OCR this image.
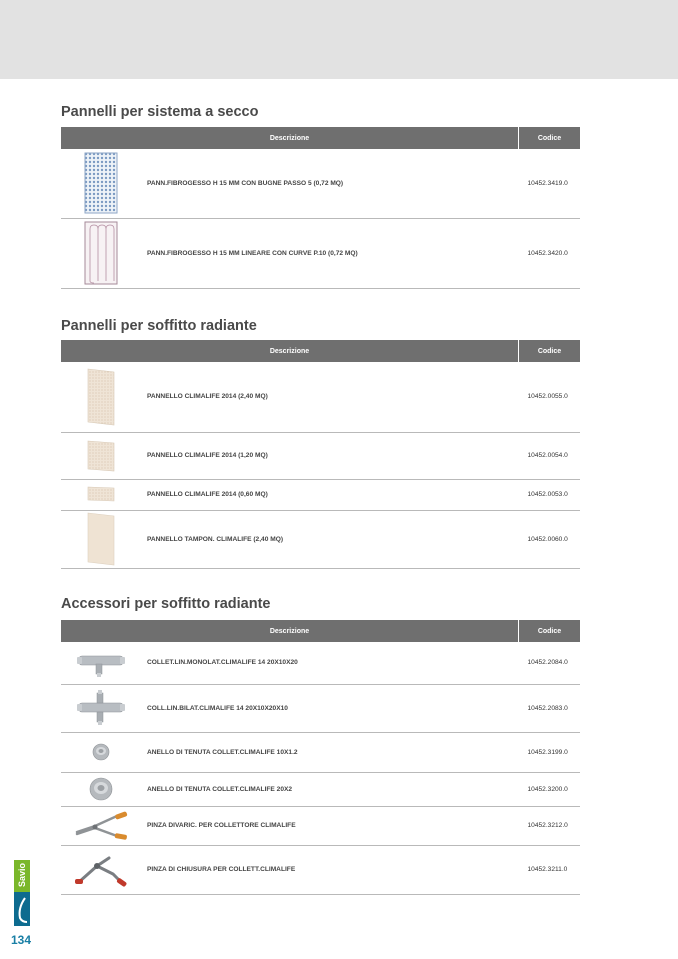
Pannelli per sistema a secco
Descrizione		Codice
	PANN.FIBROGESSO H 15 MM CON BUGNE PASSO 5 (0,72 MQ)	10452.3419.0
	PANN.FIBROGESSO H 15 MM LINEARE CON CURVE P.10 (0,72 MQ)	10452.3420.0
Pannelli per soffitto radiante
Descrizione		Codice
	PANNELLO CLIMALIFE 2014 (2,40 MQ)	10452.0055.0
	PANNELLO CLIMALIFE 2014 (1,20 MQ)	10452.0054.0
	PANNELLO CLIMALIFE 2014 (0,60 MQ)	10452.0053.0
	PANNELLO TAMPON. CLIMALIFE (2,40 MQ)	10452.0060.0
Accessori per soffitto radiante
Descrizione		Codice
	COLLET.LIN.MONOLAT.CLIMALIFE 14 20X10X20	10452.2084.0
	COLL.LIN.BILAT.CLIMALIFE 14 20X10X20X10	10452.2083.0
	ANELLO DI TENUTA COLLET.CLIMALIFE 10X1.2	10452.3199.0
	ANELLO DI TENUTA COLLET.CLIMALIFE 20X2	10452.3200.0
	PINZA DIVARIC. PER COLLETTORE CLIMALIFE	10452.3212.0
	PINZA DI CHIUSURA PER COLLETT.CLIMALIFE	10452.3211.0
Savio
134
